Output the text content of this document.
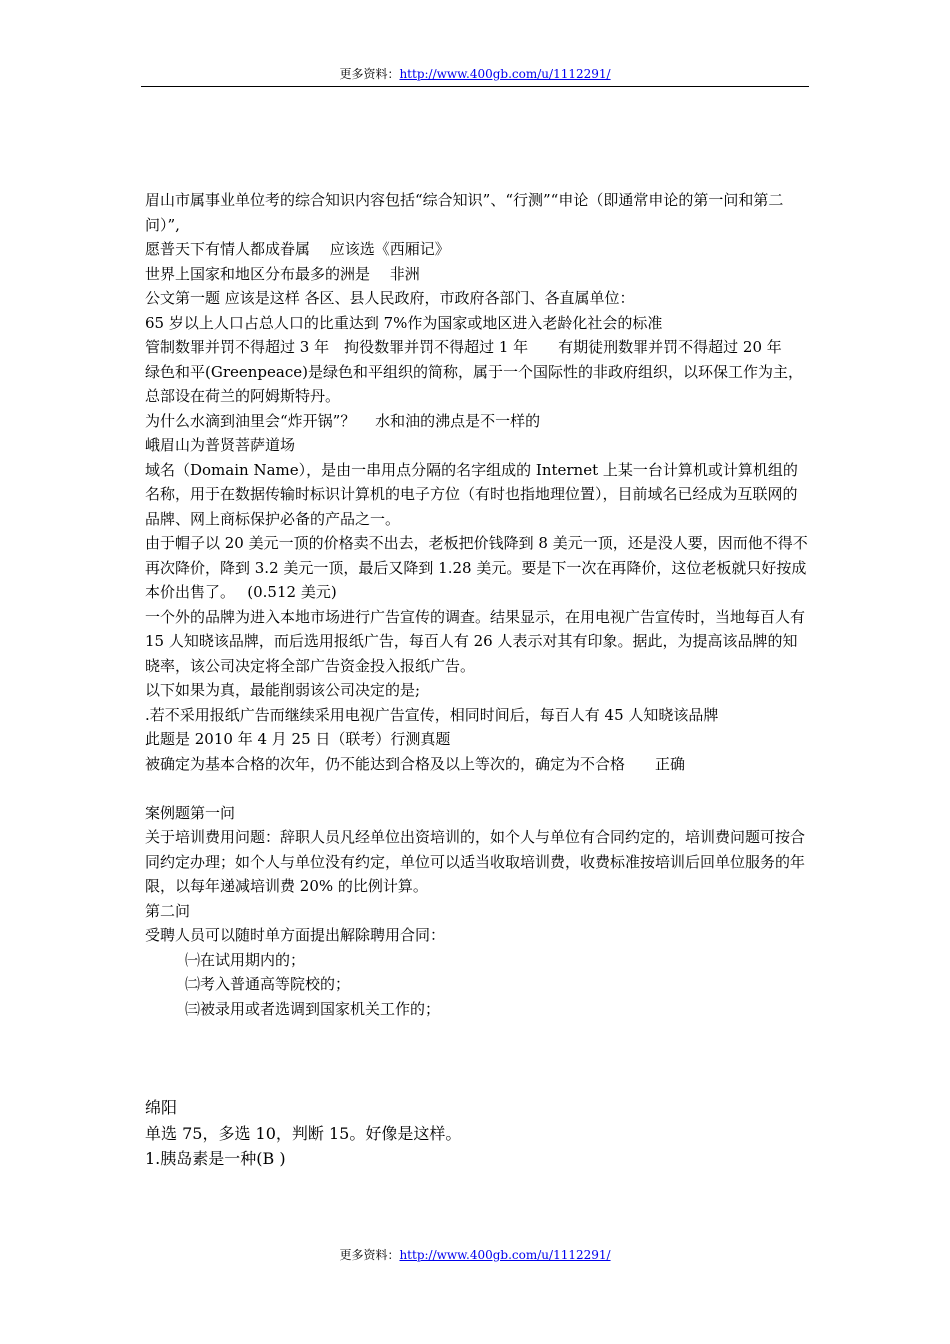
更多资料：http://www.400gb.com/u/1112291/

眉山市属事业单位考的综合知识内容包括“综合知识”、“行测”“申论（即通常申论的第一问和第二问）”,

愿普天下有情人都成眷属　 应该选《西厢记》

世界上国家和地区分布最多的洲是　 非洲

公文第一题 应该是这样 各区、县人民政府，市政府各部门、各直属单位：

65 岁以上人口占总人口的比重达到 7%作为国家或地区进入老龄化社会的标准

管制数罪并罚不得超过 3 年　拘役数罪并罚不得超过 1 年　　有期徒刑数罪并罚不得超过 20 年

绿色和平(Greenpeace)是绿色和平组织的简称，属于一个国际性的非政府组织，以环保工作为主，总部设在荷兰的阿姆斯特丹。

为什么水滴到油里会“炸开锅”？　 水和油的沸点是不一样的

峨眉山为普贤菩萨道场

域名（Domain Name），是由一串用点分隔的名字组成的 Internet 上某一台计算机或计算机组的名称，用于在数据传输时标识计算机的电子方位（有时也指地理位置），目前域名已经成为互联网的品牌、网上商标保护必备的产品之一。

由于帽子以 20 美元一顶的价格卖不出去，老板把价钱降到 8 美元一顶，还是没人要，因而他不得不再次降价，降到 3.2 美元一顶，最后又降到 1.28 美元。要是下一次在再降价，这位老板就只好按成本价出售了。　 (0.512 美元)

一个外的品牌为进入本地市场进行广告宣传的调查。结果显示，在用电视广告宣传时，当地每百人有 15 人知晓该品牌，而后选用报纸广告，每百人有 26 人表示对其有印象。据此，为提高该品牌的知晓率，该公司决定将全部广告资金投入报纸广告。

以下如果为真，最能削弱该公司决定的是;

.若不采用报纸广告而继续采用电视广告宣传，相同时间后，每百人有 45 人知晓该品牌

此题是 2010 年 4 月 25 日（联考）行测真题

被确定为基本合格的次年，仍不能达到合格及以上等次的，确定为不合格　　正确

案例题第一问

关于培训费用问题：辞职人员凡经单位出资培训的，如个人与单位有合同约定的，培训费问题可按合同约定办理；如个人与单位没有约定，单位可以适当收取培训费，收费标准按培训后回单位服务的年限，以每年递减培训费 20% 的比例计算。

第二问

受聘人员可以随时单方面提出解除聘用合同：

㈠在试用期内的；

㈡考入普通高等院校的；

㈢被录用或者选调到国家机关工作的；

绵阳

单选 75，多选 10，判断 15。好像是这样。

1.胰岛素是一种(B )

更多资料：http://www.400gb.com/u/1112291/
